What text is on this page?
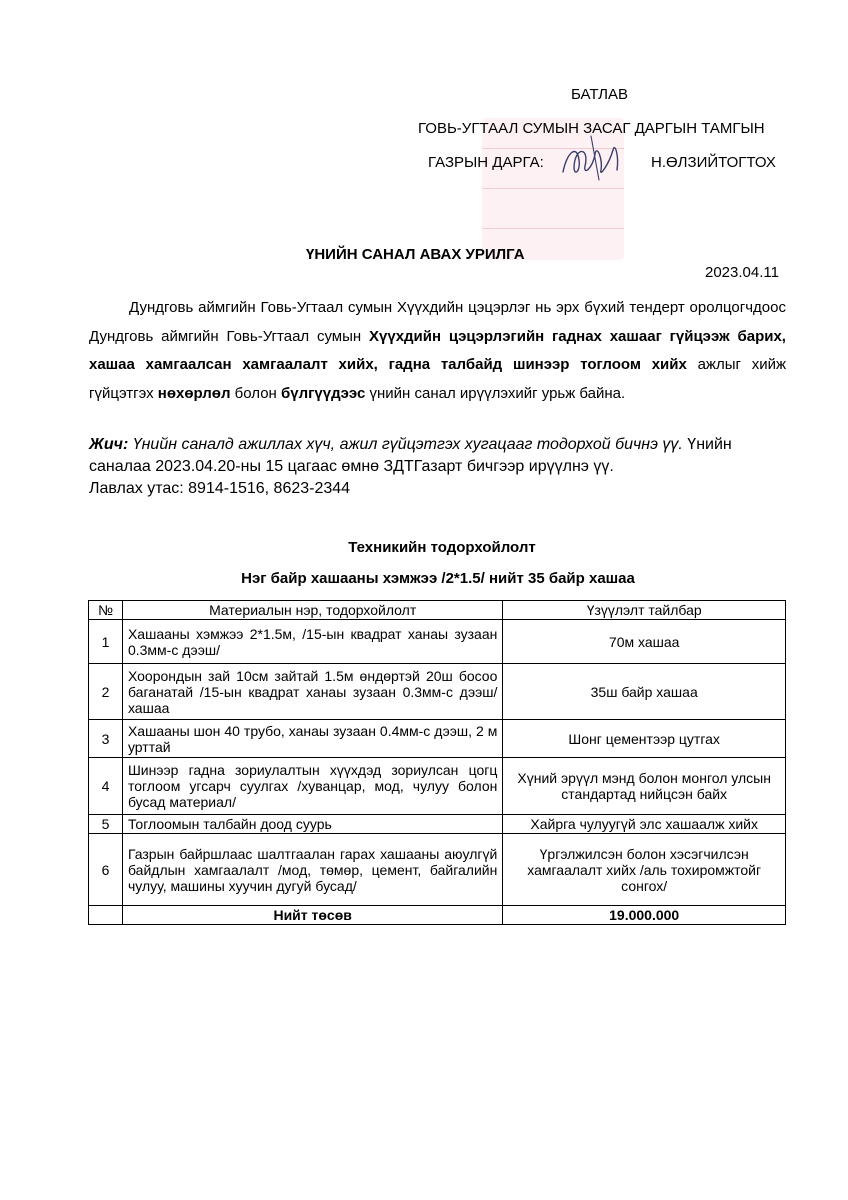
БАТЛАВ
ГОВЬ-УГТААЛ СУМЫН ЗАСАГ ДАРГЫН ТАМГЫН
ГАЗРЫН ДАРГА:	Н.ӨЛЗИЙТОГТОХ
ҮНИЙН САНАЛ АВАХ УРИЛГА
2023.04.11
Дундговь аймгийн Говь-Угтаал сумын Хүүхдийн цэцэрлэг нь эрх бүхий тендерт оролцогчдоос Дундговь аймгийн Говь-Угтаал сумын Хүүхдийн цэцэрлэгийн гаднах хашааг гүйцээж барих, хашаа хамгаалсан хамгаалалт хийх, гадна талбайд шинээр тоглоом хийх ажлыг хийж гүйцэтгэх нөхөрлөл болон бүлгүүдээс үнийн санал ирүүлэхийг урьж байна.
Жич: Үнийн саналд ажиллах хүч, ажил гүйцэтгэх хугацааг тодорхой бичнэ үү. Үнийн саналаа 2023.04.20-ны 15 цагаас өмнө ЗДТГазарт бичгээр ирүүлнэ үү.
Лавлах утас: 8914-1516, 8623-2344
Техникийн тодорхойлолт
Нэг байр хашааны хэмжээ /2*1.5/ нийт 35 байр хашаа
№	Материалын нэр, тодорхойлолт	Үзүүлэлт тайлбар
1	Хашааны хэмжээ 2*1.5м, /15-ын квадрат ханаы зузаан 0.3мм-с дээш/	70м хашаа
2	Хоорондын зай 10см зайтай 1.5м өндөртэй 20ш босоо баганатай /15-ын квадрат ханаы зузаан 0.3мм-с дээш/ хашаа	35ш байр хашаа
3	Хашааны шон 40 трубо, ханаы зузаан 0.4мм-с дээш, 2 м урттай	Шонг цементээр цутгах
4	Шинээр гадна зориулалтын хүүхдэд зориулсан цогц тоглоом угсарч суулгах /хуванцар, мод, чулуу болон бусад материал/	Хүний эрүүл мэнд болон монгол улсын стандартад нийцсэн байх
5	Тоглоомын талбайн доод суурь	Хайрга чулуугүй элс хашаалж хийх
6	Газрын байршлаас шалтгаалан гарах хашааны аюулгүй байдлын хамгаалалт /мод, төмөр, цемент, байгалийн чулуу, машины хуучин дугуй бусад/	Үргэлжилсэн болон хэсэгчилсэн хамгаалалт хийх /аль тохиромжтойг сонгох/
	Нийт төсөв	19.000.000
